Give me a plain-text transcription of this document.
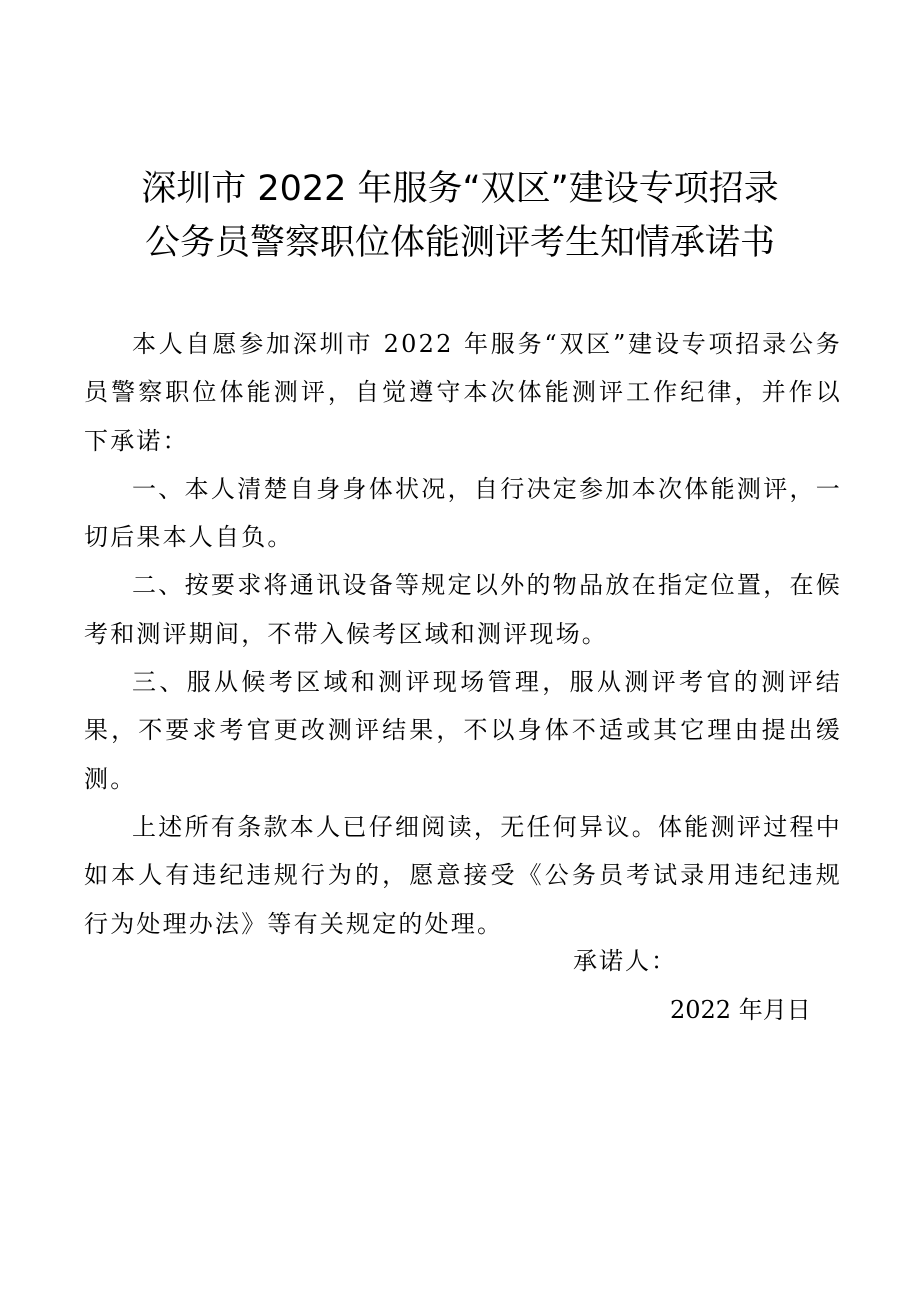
深圳市 2022 年服务“双区”建设专项招录
公务员警察职位体能测评考生知情承诺书

本人自愿参加深圳市 2022 年服务“双区”建设专项招录公务员警察职位体能测评，自觉遵守本次体能测评工作纪律，并作以下承诺：

一、本人清楚自身身体状况，自行决定参加本次体能测评，一切后果本人自负。

二、按要求将通讯设备等规定以外的物品放在指定位置，在候考和测评期间，不带入候考区域和测评现场。

三、服从候考区域和测评现场管理，服从测评考官的测评结果，不要求考官更改测评结果，不以身体不适或其它理由提出缓测。

上述所有条款本人已仔细阅读，无任何异议。体能测评过程中如本人有违纪违规行为的，愿意接受《公务员考试录用违纪违规行为处理办法》等有关规定的处理。

承诺人：
2022 年月日
